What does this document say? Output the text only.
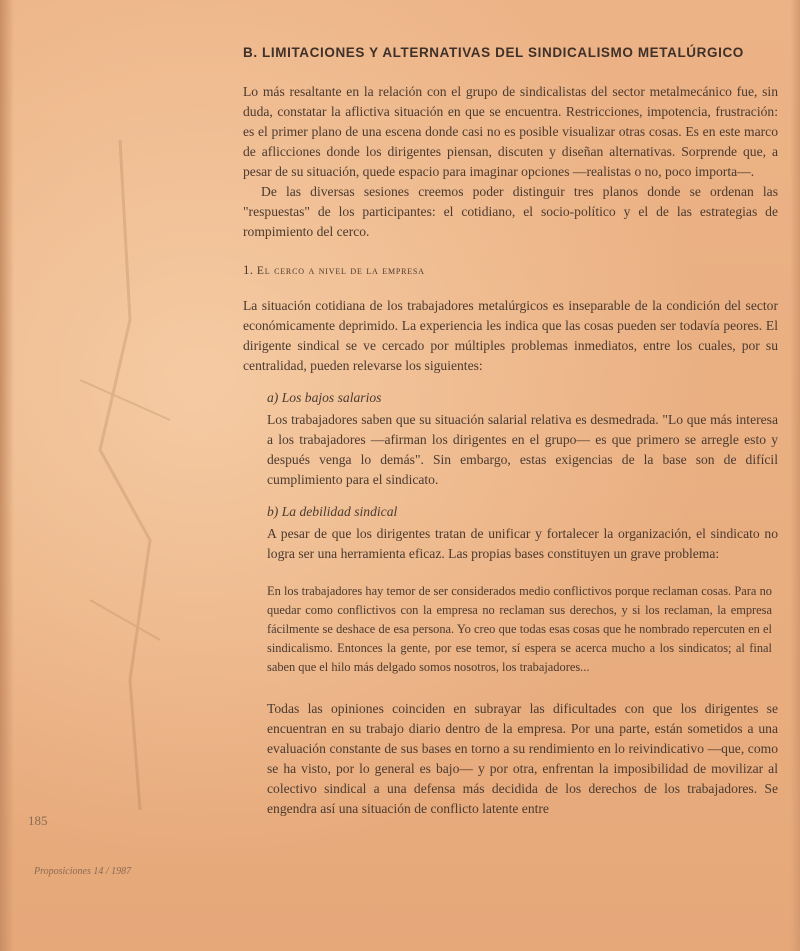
B. LIMITACIONES Y ALTERNATIVAS DEL SINDICALISMO METALÚRGICO

Lo más resaltante en la relación con el grupo de sindicalistas del sector metalmecánico fue, sin duda, constatar la aflictiva situación en que se encuentra. Restricciones, impotencia, frustración: es el primer plano de una escena donde casi no es posible visualizar otras cosas. Es en este marco de aflicciones donde los dirigentes piensan, discuten y diseñan alternativas. Sorprende que, a pesar de su situación, quede espacio para imaginar opciones —realistas o no, poco importa—.

De las diversas sesiones creemos poder distinguir tres planos donde se ordenan las "respuestas" de los participantes: el cotidiano, el socio-político y el de las estrategias de rompimiento del cerco.

1. El cerco a nivel de la empresa

La situación cotidiana de los trabajadores metalúrgicos es inseparable de la condición del sector económicamente deprimido. La experiencia les indica que las cosas pueden ser todavía peores. El dirigente sindical se ve cercado por múltiples problemas inmediatos, entre los cuales, por su centralidad, pueden relevarse los siguientes:

a) Los bajos salarios

Los trabajadores saben que su situación salarial relativa es desmedrada. "Lo que más interesa a los trabajadores —afirman los dirigentes en el grupo— es que primero se arregle esto y después venga lo demás". Sin embargo, estas exigencias de la base son de difícil cumplimiento para el sindicato.

b) La debilidad sindical

A pesar de que los dirigentes tratan de unificar y fortalecer la organización, el sindicato no logra ser una herramienta eficaz. Las propias bases constituyen un grave problema:

En los trabajadores hay temor de ser considerados medio conflictivos porque reclaman cosas. Para no quedar como conflictivos con la empresa no reclaman sus derechos, y si los reclaman, la empresa fácilmente se deshace de esa persona. Yo creo que todas esas cosas que he nombrado repercuten en el sindicalismo. Entonces la gente, por ese temor, sí espera se acerca mucho a los sindicatos; al final saben que el hilo más delgado somos nosotros, los trabajadores...

Todas las opiniones coinciden en subrayar las dificultades con que los dirigentes se encuentran en su trabajo diario dentro de la empresa. Por una parte, están sometidos a una evaluación constante de sus bases en torno a su rendimiento en lo reivindicativo —que, como se ha visto, por lo general es bajo— y por otra, enfrentan la imposibilidad de movilizar al colectivo sindical a una defensa más decidida de los derechos de los trabajadores. Se engendra así una situación de conflicto latente entre

185
Proposiciones 14 / 1987
